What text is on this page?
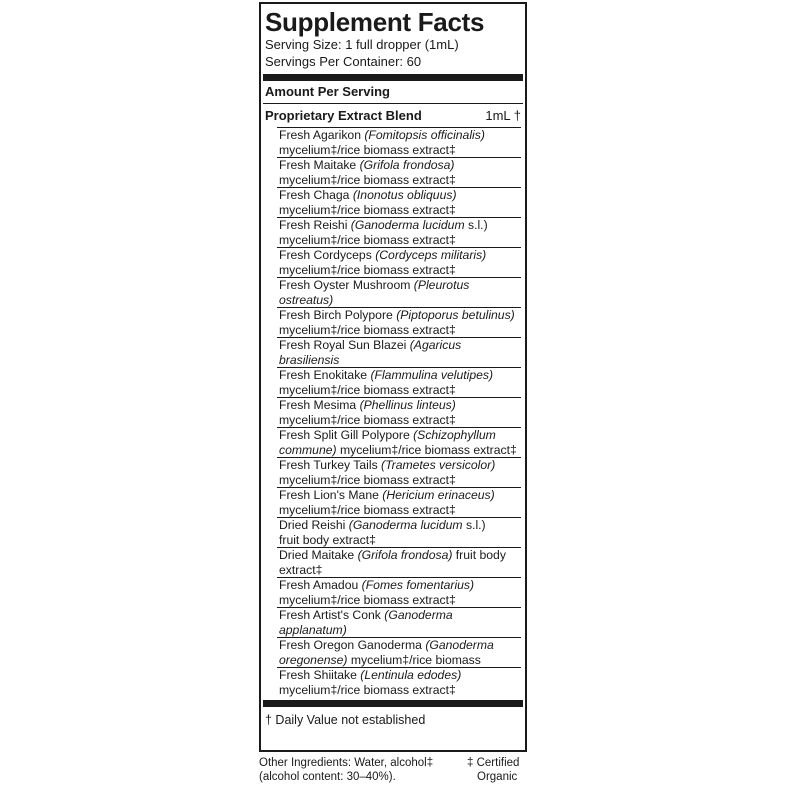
Supplement Facts
Serving Size: 1 full dropper (1mL)
Servings Per Container: 60
Amount Per Serving
Proprietary Extract Blend	1mL †
Fresh Agarikon (Fomitopsis officinalis)
mycelium‡/rice biomass extract‡
Fresh Maitake (Grifola frondosa)
mycelium‡/rice biomass extract‡
Fresh Chaga (Inonotus obliquus)
mycelium‡/rice biomass extract‡
Fresh Reishi (Ganoderma lucidum s.l.)
mycelium‡/rice biomass extract‡
Fresh Cordyceps (Cordyceps militaris)
mycelium‡/rice biomass extract‡
Fresh Oyster Mushroom (Pleurotus ostreatus)
Fresh Birch Polypore (Piptoporus betulinus)
mycelium‡/rice biomass extract‡
Fresh Royal Sun Blazei (Agaricus brasiliensis
Fresh Enokitake (Flammulina velutipes)
mycelium‡/rice biomass extract‡
Fresh Mesima (Phellinus linteus)
mycelium‡/rice biomass extract‡
Fresh Split Gill Polypore (Schizophyllum
commune) mycelium‡/rice biomass extract‡
Fresh Turkey Tails (Trametes versicolor)
mycelium‡/rice biomass extract‡
Fresh Lion's Mane (Hericium erinaceus)
mycelium‡/rice biomass extract‡
Dried Reishi (Ganoderma lucidum s.l.)
fruit body extract‡
Dried Maitake (Grifola frondosa) fruit body
extract‡
Fresh Amadou (Fomes fomentarius)
mycelium‡/rice biomass extract‡
Fresh Artist's Conk (Ganoderma applanatum)
Fresh Oregon Ganoderma (Ganoderma
oregonense) mycelium‡/rice biomass
Fresh Shiitake (Lentinula edodes)
mycelium‡/rice biomass extract‡
† Daily Value not established
Other Ingredients: Water, alcohol‡
(alcohol content: 30–40%).
‡ Certified
Organic
